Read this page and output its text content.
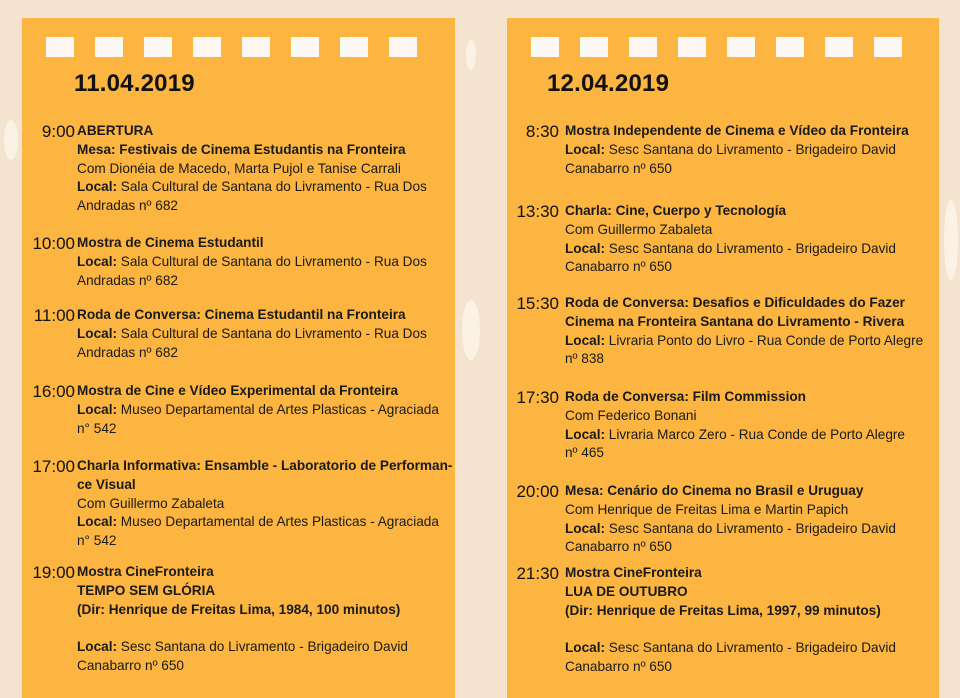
11.04.2019
9:00 ABERTURA
Mesa: Festivais de Cinema Estudantis na Fronteira
Com Dionéia de Macedo, Marta Pujol e Tanise Carrali
Local: Sala Cultural de Santana do Livramento - Rua Dos
Andradas nº 682
10:00 Mostra de Cinema Estudantil
Local: Sala Cultural de Santana do Livramento - Rua Dos
Andradas nº 682
11:00 Roda de Conversa: Cinema Estudantil na Fronteira
Local: Sala Cultural de Santana do Livramento - Rua Dos
Andradas nº 682
16:00 Mostra de Cine e Vídeo Experimental da Fronteira
Local: Museo Departamental de Artes Plasticas - Agraciada
n° 542
17:00 Charla Informativa: Ensamble - Laboratorio de Performan-
ce Visual
Com Guillermo Zabaleta
Local: Museo Departamental de Artes Plasticas - Agraciada
n° 542
19:00 Mostra CineFronteira
TEMPO SEM GLÓRIA
(Dir: Henrique de Freitas Lima, 1984, 100 minutos)
Local: Sesc Santana do Livramento - Brigadeiro David
Canabarro nº 650
12.04.2019
8:30 Mostra Independente de Cinema e Vídeo da Fronteira
Local: Sesc Santana do Livramento - Brigadeiro David
Canabarro nº 650
13:30 Charla: Cine, Cuerpo y Tecnología
Com Guillermo Zabaleta
Local: Sesc Santana do Livramento - Brigadeiro David
Canabarro nº 650
15:30 Roda de Conversa: Desafios e Dificuldades do Fazer
Cinema na Fronteira Santana do Livramento - Rivera
Local: Livraria Ponto do Livro - Rua Conde de Porto Alegre
nº 838
17:30 Roda de Conversa: Film Commission
Com Federico Bonani
Local: Livraria Marco Zero - Rua Conde de Porto Alegre
nº 465
20:00 Mesa: Cenário do Cinema no Brasil e Uruguay
Com Henrique de Freitas Lima e Martin Papich
Local: Sesc Santana do Livramento - Brigadeiro David
Canabarro nº 650
21:30 Mostra CineFronteira
LUA DE OUTUBRO
(Dir: Henrique de Freitas Lima, 1997, 99 minutos)
Local: Sesc Santana do Livramento - Brigadeiro David
Canabarro nº 650
